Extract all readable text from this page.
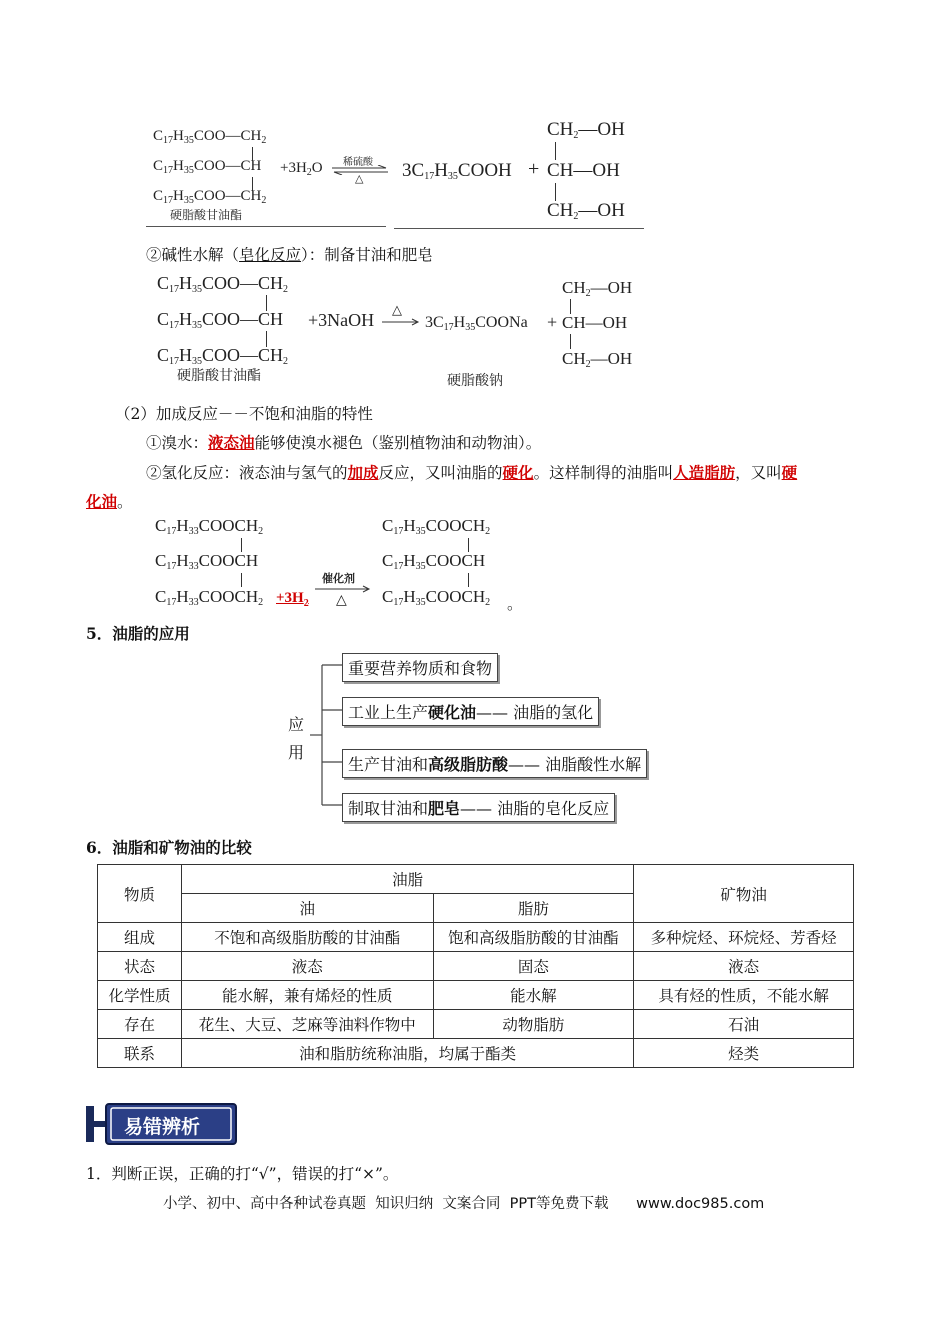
$C_{17}H_{35}COO—CH_2$
$C_{17}H_{35}COO—CH$
$C_{17}H_{35}COO—CH_2$
硬脂酸甘油酯
$+3H_2O$ 稀硫酸
△ $3C_{17}H_{35}COOH$ +
$CH_2—OH$
CH—OH
$CH_2—OH$
②碱性水解（皂化反应）：制备甘油和肥皂
$C_{17}H_{35}COO—CH_2$
$C_{17}H_{35}COO—CH$
$C_{17}H_{35}COO—CH_2$
硬脂酸甘油酯
+3NaOH △
→ $3C_{17}H_{35}COONa$ +
$CH_2—OH$
CH—OH
$CH_2—OH$
硬脂酸钠
（2）加成反应－－不饱和油脂的特性
①溴水：液态油能够使溴水褪色（鉴别植物油和动物油）。
②氢化反应：液态油与氢气的加成反应，又叫油脂的硬化。这样制得的油脂叫人造脂肪，又叫硬
化油。
$C_{17}H_{33}COOCH_2$
$C_{17}H_{33}COOCH$
$C_{17}H_{33}COOCH_2 +3H_2$
催化剂
△
$C_{17}H_{35}COOCH_2$
$C_{17}H_{35}COOCH$
$C_{17}H_{35}COOCH_2$ 。
5．油脂的应用
应
用
重要营养物质和食物
工业上生产硬化油—— 油脂的氢化
生产甘油和高级脂肪酸—— 油脂酸性水解
制取甘油和肥皂—— 油脂的皂化反应
6．油脂和矿物油的比较
物质	油脂		矿物油
	油	脂肪	
组成	不饱和高级脂肪酸的甘油酯	饱和高级脂肪酸的甘油酯	多种烷烃、环烷烃、芳香烃
状态	液态	固态	液态
化学性质	能水解，兼有烯烃的性质	能水解	具有烃的性质，不能水解
存在	花生、大豆、芝麻等油料作物中	动物脂肪	石油
联系	油和脂肪统称油脂，均属于酯类		烃类
易错辨析
1．判断正误，正确的打“√”，错误的打“×”。
小学、初中、高中各种试卷真题  知识归纳  文案合同  PPT等免费下载      www.doc985.com
